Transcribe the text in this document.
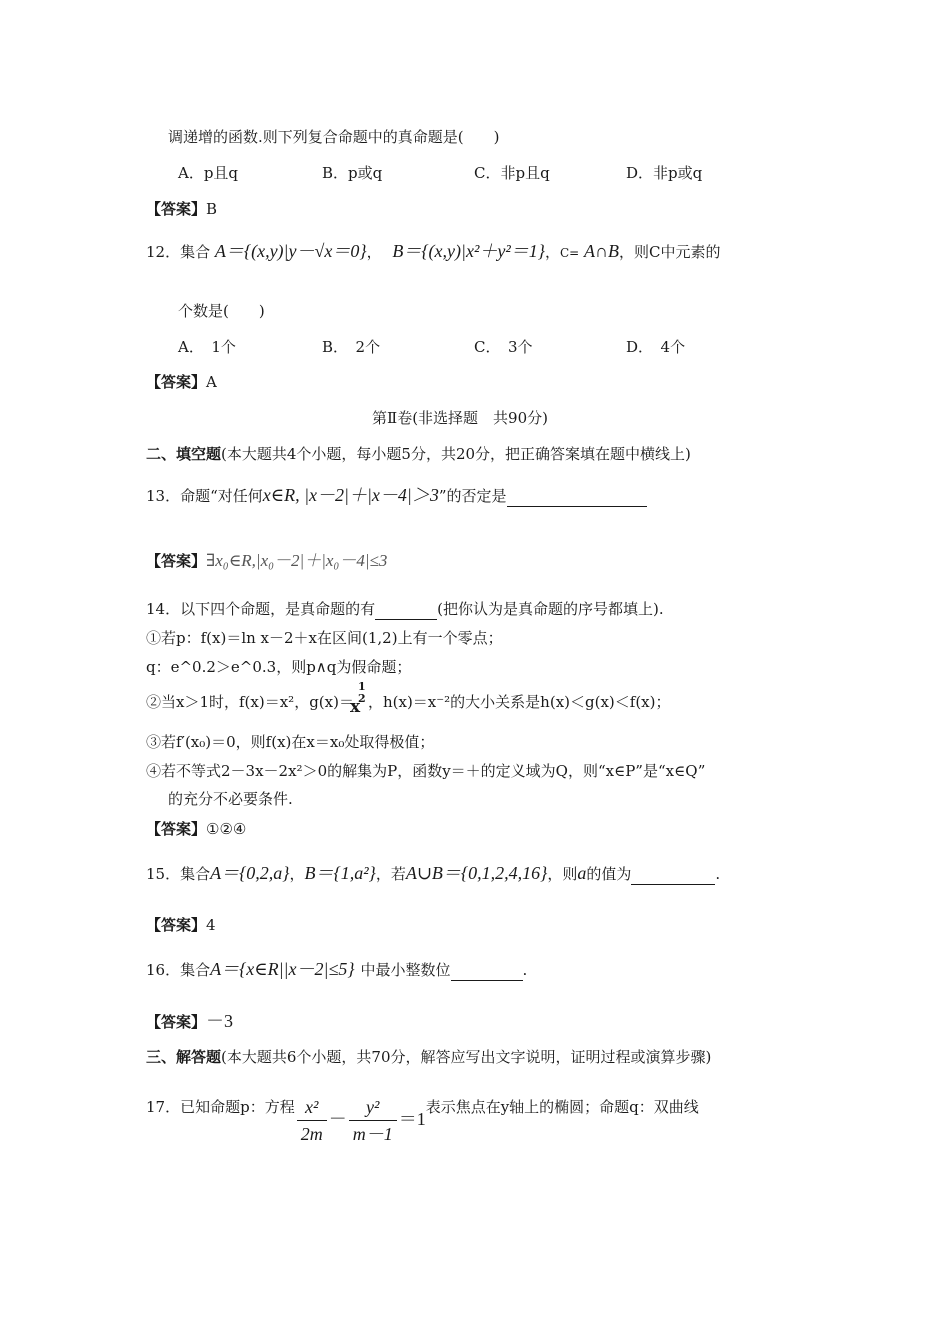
调递增的函数.则下列复合命题中的真命题是(　　)
A．p且q	B．p或q	C．非p且q	D．非p或q
【答案】B
12．集合 A＝{(x,y)|y－√x＝0}， B＝{(x,y)|x²＋y²＝1}，C= A∩B，则C中元素的
个数是(　　)
A．　1个	B．　2个	C．　3个	D．　4个
【答案】A
第Ⅱ卷(非选择题　共90分)
二、填空题(本大题共4个小题，每小题5分，共20分，把正确答案填在题中横线上)
13．命题“对任何x∈R, |x－2|＋|x－4|＞3”的否定是
【答案】∃x₀∈R,|x₀－2|＋|x₀－4|≤3
14．以下四个命题，是真命题的有	(把你认为是真命题的序号都填上).
①若p：f(x)＝ln x－2＋x在区间(1,2)上有一个零点；
q：e^0.2＞e^0.3，则p∧q为假命题；
②当x＞1时，f(x)＝x²，g(x)＝
1
2
x ，h(x)＝x⁻²的大小关系是h(x)＜g(x)＜f(x)；
③若f′(x₀)＝0，则f(x)在x＝x₀处取得极值；
④若不等式2－3x－2x²＞0的解集为P，函数y＝＋的定义域为Q，则“x∈P”是“x∈Q”
的充分不必要条件.
【答案】①②④
15．集合A＝{0,2,a}，B＝{1,a²}，若A∪B＝{0,1,2,4,16}，则a的值为	.
【答案】4
16．集合A＝{x∈R||x－2|≤5} 中最小整数位	.
【答案】－3
三、解答题(本大题共6个小题，共70分，解答应写出文字说明，证明过程或演算步骤)
17．已知命题p：方程 $\frac{\text{x²}}{2m} - \frac{\text{y²}}{m-1} =1$表示焦点在y轴上的椭圆；命题q：双曲线
